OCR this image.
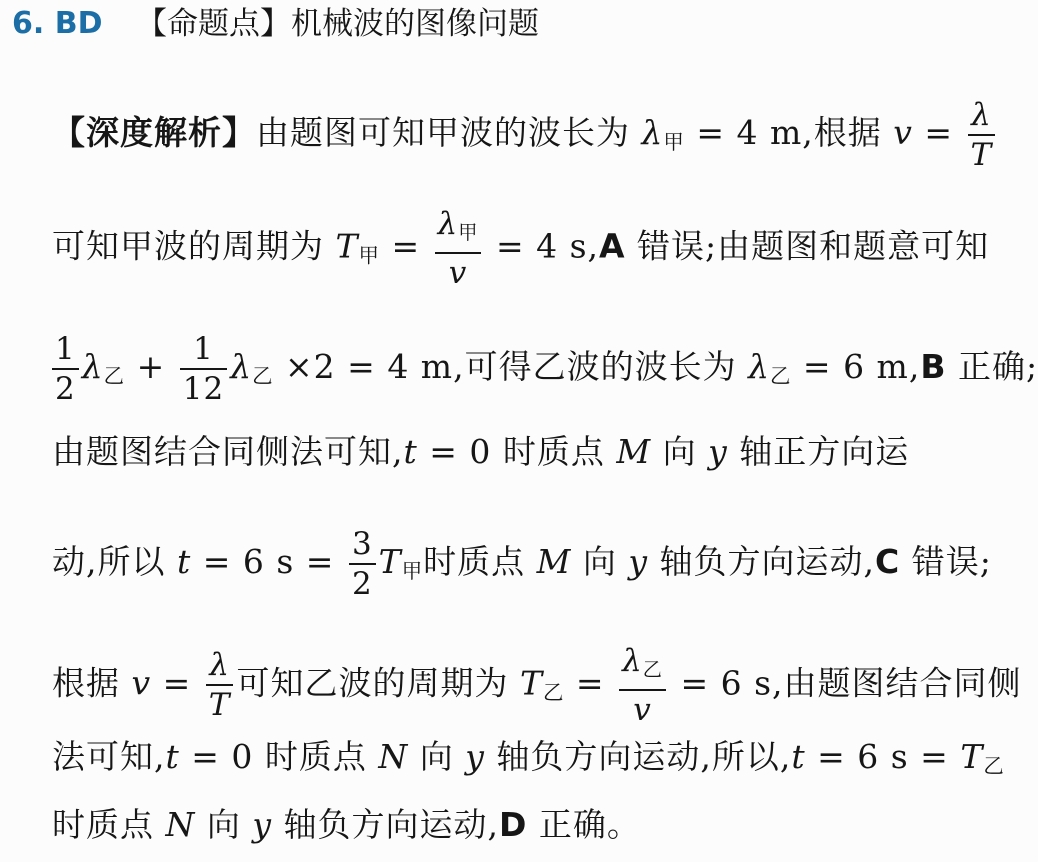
6. BD 【命题点】机械波的图像问题
【深度解析】由题图可知甲波的波长为 $\lambda_甲 = 4$ m,根据 $v = \frac{\lambda}{T}$
可知甲波的周期为 $T_甲 = \frac{\lambda_甲}{v} = 4$ s,A 错误;由题图和题意可知
$\frac{1}{2} \lambda_乙 + \frac{1}{12} \lambda_乙 \times 2 = 4$ m,可得乙波的波长为 $\lambda_乙 = 6$ m,B 正确;
由题图结合同侧法可知,t = 0 时质点 M 向 y 轴正方向运
动,所以 t = 6 $s = \frac{3}{2} T_甲$时质点 M 向 y 轴负方向运动,C 错误;
根据 $v = \frac{\lambda}{T}$ 可知乙波的周期为 $T_乙 = \frac{\lambda_乙}{v} = 6$ s,由题图结合同侧
法可知,t = 0 时质点 N 向 y 轴负方向运动,所以,t = 6 $s = T_乙$
时质点 N 向 y 轴负方向运动,D 正确。
